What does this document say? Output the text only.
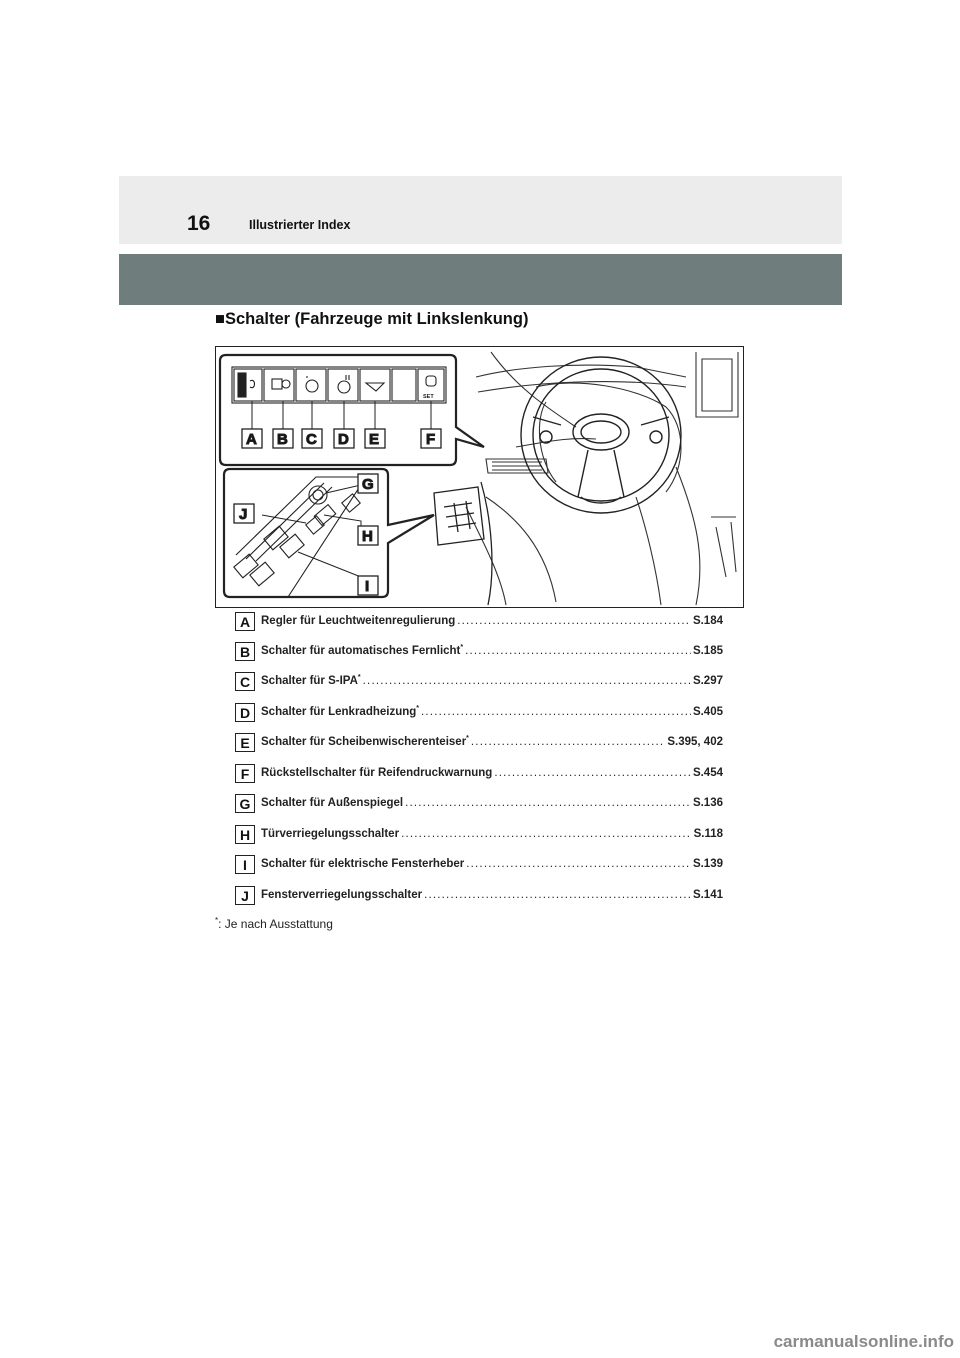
16	Illustrierter Index
■Schalter (Fahrzeuge mit Linkslenkung)
SET
A B C D E	F
G
H
I
J
A Regler für Leuchtweitenregulierung .....	S.184
B Schalter für automatisches Fernlicht* .....	S.185
C Schalter für S-IPA* .....	S.297
D Schalter für Lenkradheizung* .....	S.405
E Schalter für Scheibenwischerenteiser* .....	S.395, 402
F	Rückstellschalter für Reifendruckwarnung .....	S.454
G Schalter für Außenspiegel .....	S.136
H Türverriegelungsschalter .....	S.118
I	Schalter für elektrische Fensterheber .....	S.139
J	Fensterverriegelungsschalter .....	S.141
*: Je nach Ausstattung
carmanualsonline.info
